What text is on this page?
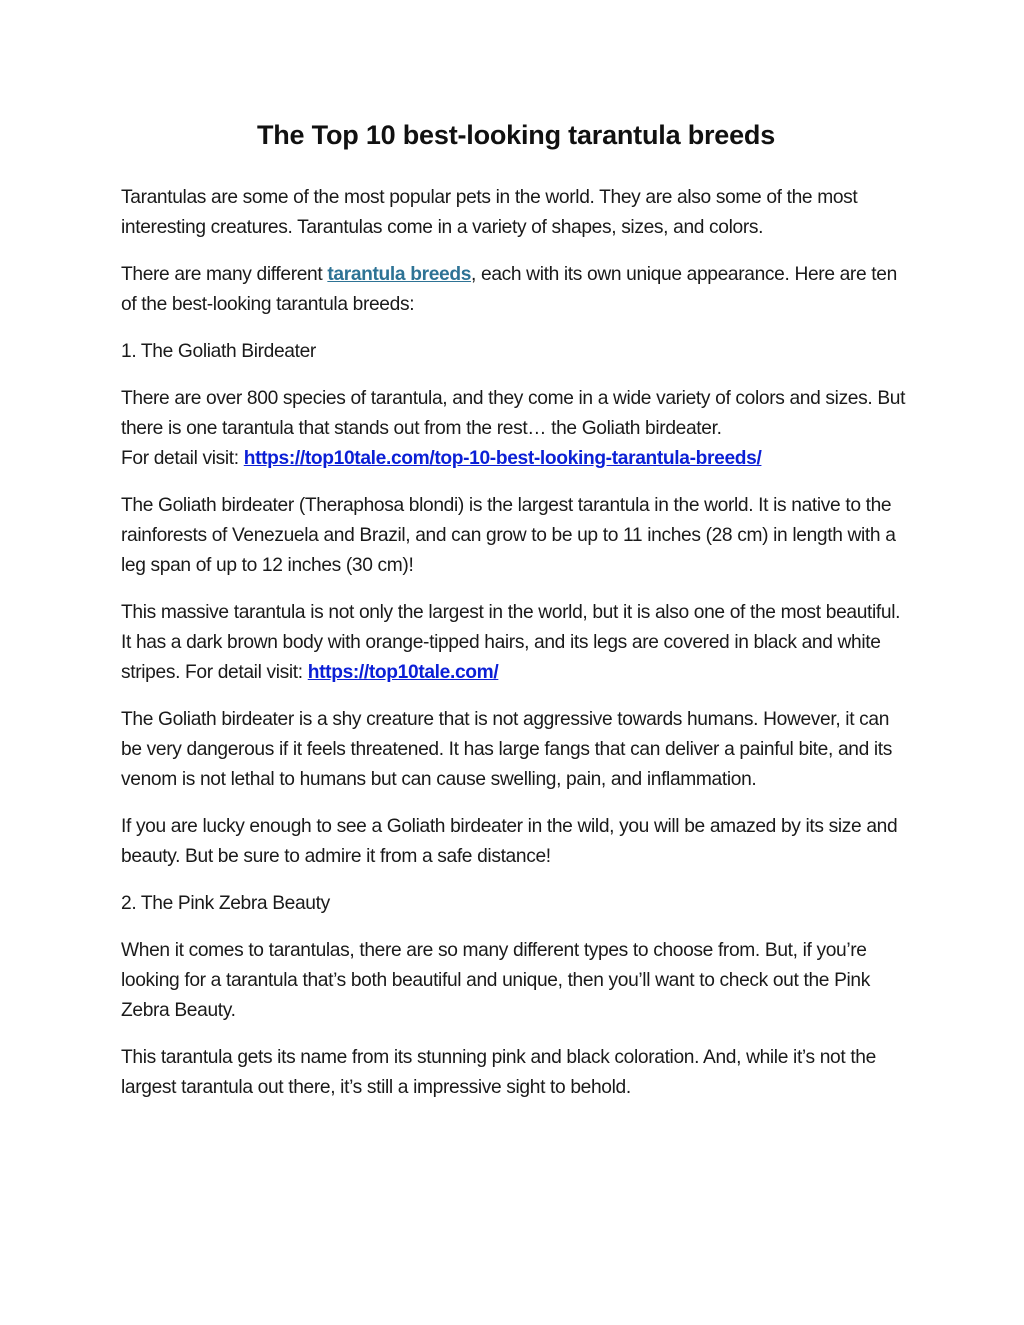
The Top 10 best-looking tarantula breeds

Tarantulas are some of the most popular pets in the world. They are also some of the most interesting creatures. Tarantulas come in a variety of shapes, sizes, and colors.

There are many different tarantula breeds, each with its own unique appearance. Here are ten of the best-looking tarantula breeds:

1. The Goliath Birdeater

There are over 800 species of tarantula, and they come in a wide variety of colors and sizes. But there is one tarantula that stands out from the rest… the Goliath birdeater.
For detail visit: https://top10tale.com/top-10-best-looking-tarantula-breeds/

The Goliath birdeater (Theraphosa blondi) is the largest tarantula in the world. It is native to the rainforests of Venezuela and Brazil, and can grow to be up to 11 inches (28 cm) in length with a leg span of up to 12 inches (30 cm)!

This massive tarantula is not only the largest in the world, but it is also one of the most beautiful. It has a dark brown body with orange-tipped hairs, and its legs are covered in black and white stripes. For detail visit: https://top10tale.com/

The Goliath birdeater is a shy creature that is not aggressive towards humans. However, it can be very dangerous if it feels threatened. It has large fangs that can deliver a painful bite, and its venom is not lethal to humans but can cause swelling, pain, and inflammation.

If you are lucky enough to see a Goliath birdeater in the wild, you will be amazed by its size and beauty. But be sure to admire it from a safe distance!

2. The Pink Zebra Beauty

When it comes to tarantulas, there are so many different types to choose from. But, if you’re looking for a tarantula that’s both beautiful and unique, then you’ll want to check out the Pink Zebra Beauty.

This tarantula gets its name from its stunning pink and black coloration. And, while it’s not the largest tarantula out there, it’s still a impressive sight to behold.
